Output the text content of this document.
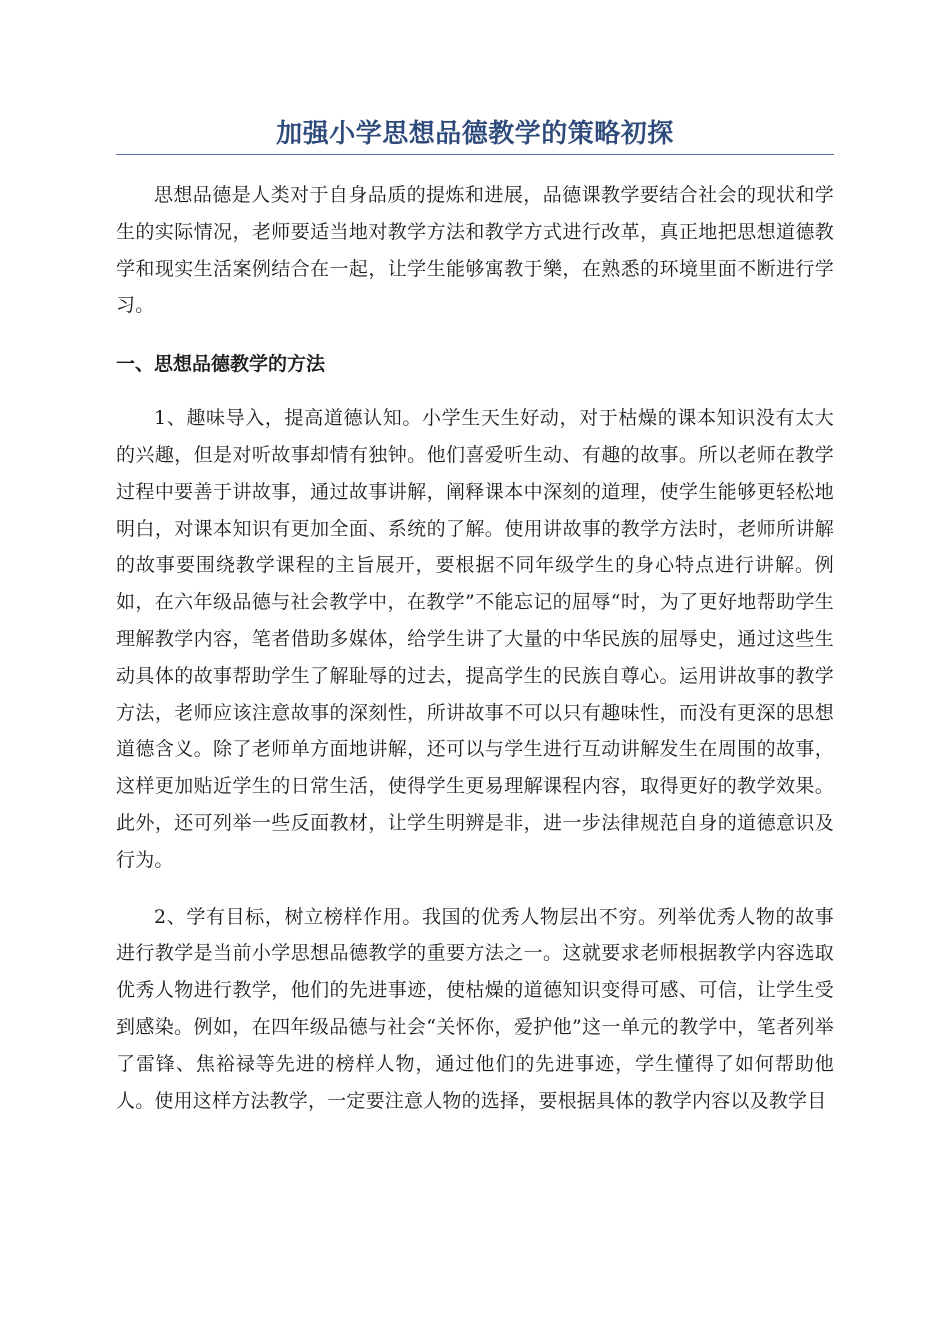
加强小学思想品德教学的策略初探

思想品德是人类对于自身品质的提炼和进展，品德课教学要结合社会的现状和学生的实际情况，老师要适当地对教学方法和教学方式进行改革，真正地把思想道德教学和现实生活案例结合在一起，让学生能够寓教于樂，在熟悉的环境里面不断进行学习。

一、思想品德教学的方法

1、趣味导入，提高道德认知。小学生天生好动，对于枯燥的课本知识没有太大的兴趣，但是对听故事却情有独钟。他们喜爱听生动、有趣的故事。所以老师在教学过程中要善于讲故事，通过故事讲解，阐释课本中深刻的道理，使学生能够更轻松地明白，对课本知识有更加全面、系统的了解。使用讲故事的教学方法时，老师所讲解的故事要围绕教学课程的主旨展开，要根据不同年级学生的身心特点进行讲解。例如，在六年级品德与社会教学中，在教学”不能忘记的屈辱“时，为了更好地帮助学生理解教学内容，笔者借助多媒体，给学生讲了大量的中华民族的屈辱史，通过这些生动具体的故事帮助学生了解耻辱的过去，提高学生的民族自尊心。运用讲故事的教学方法，老师应该注意故事的深刻性，所讲故事不可以只有趣味性，而没有更深的思想道德含义。除了老师单方面地讲解，还可以与学生进行互动讲解发生在周围的故事，这样更加贴近学生的日常生活，使得学生更易理解课程内容，取得更好的教学效果。此外，还可列举一些反面教材，让学生明辨是非，进一步法律规范自身的道德意识及行为。

2、学有目标，树立榜样作用。我国的优秀人物层出不穷。列举优秀人物的故事进行教学是当前小学思想品德教学的重要方法之一。这就要求老师根据教学内容选取优秀人物进行教学，他们的先进事迹，使枯燥的道德知识变得可感、可信，让学生受到感染。例如，在四年级品德与社会“关怀你，爱护他”这一单元的教学中，笔者列举了雷锋、焦裕禄等先进的榜样人物，通过他们的先进事迹，学生懂得了如何帮助他人。使用这样方法教学，一定要注意人物的选择，要根据具体的教学内容以及教学目
